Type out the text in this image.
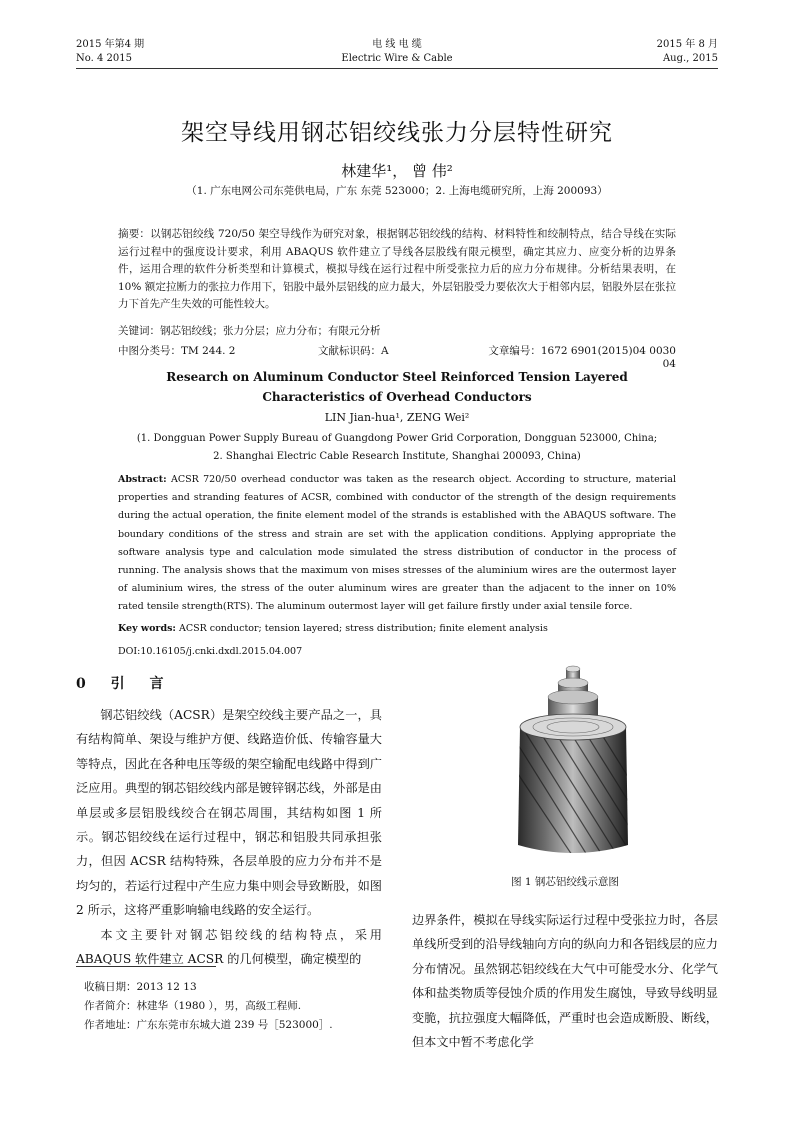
2015 年第4 期
No. 4 2015
电 线 电 缆
Electric Wire & Cable
2015 年 8 月
Aug., 2015
架空导线用钢芯铝绞线张力分层特性研究
林建华¹， 曾 伟²
（1. 广东电网公司东莞供电局，广东 东莞 523000；2. 上海电缆研究所，上海 200093）
摘要：以钢芯铝绞线 720/50 架空导线作为研究对象，根据钢芯铝绞线的结构、材料特性和绞制特点，结合导线在实际运行过程中的强度设计要求，利用 ABAQUS 软件建立了导线各层股线有限元模型，确定其应力、应变分析的边界条件，运用合理的软件分析类型和计算模式，模拟导线在运行过程中所受张拉力后的应力分布规律。分析结果表明，在 10% 额定拉断力的张拉力作用下，铝股中最外层铝线的应力最大，外层铝股受力要依次大于相邻内层，铝股外层在张拉力下首先产生失效的可能性较大。
关键词：钢芯铝绞线；张力分层；应力分布；有限元分析
中图分类号：TM 244. 2	文献标识码：A	文章编号：1672 6901(2015)04 0030 04
Research on Aluminum Conductor Steel Reinforced Tension Layered
Characteristics of Overhead Conductors
LIN Jian-hua¹, ZENG Wei²
(1. Dongguan Power Supply Bureau of Guangdong Power Grid Corporation, Dongguan 523000, China;
2. Shanghai Electric Cable Research Institute, Shanghai 200093, China)
Abstract: ACSR 720/50 overhead conductor was taken as the research object. According to structure, material properties and stranding features of ACSR, combined with conductor of the strength of the design requirements during the actual operation, the finite element model of the strands is established with the ABAQUS software. The boundary conditions of the stress and strain are set with the application conditions. Applying appropriate the software analysis type and calculation mode simulated the stress distribution of conductor in the process of running. The analysis shows that the maximum von mises stresses of the aluminium wires are the outermost layer of aluminium wires, the stress of the outer aluminum wires are greater than the adjacent to the inner on 10% rated tensile strength(RTS). The aluminum outermost layer will get failure firstly under axial tensile force.
Key words: ACSR conductor; tension layered; stress distribution; finite element analysis
DOI:10.16105/j.cnki.dxdl.2015.04.007
0 引 言
钢芯铝绞线（ACSR）是架空绞线主要产品之一，具有结构简单、架设与维护方便、线路造价低、传输容量大等特点，因此在各种电压等级的架空输配电线路中得到广泛应用。典型的钢芯铝绞线内部是镀锌钢芯线，外部是由单层或多层铝股线绞合在钢芯周围，其结构如图 1 所示。钢芯铝绞线在运行过程中，钢芯和铝股共同承担张力，但因 ACSR 结构特殊，各层单股的应力分布并不是均匀的，若运行过程中产生应力集中则会导致断股，如图 2 所示，这将严重影响输电线路的安全运行。
本文主要针对钢芯铝绞线的结构特点，采用 ABAQUS 软件建立 ACSR 的几何模型，确定模型的
收稿日期：2013 12 13
作者简介：林建华（1980 ），男，高级工程师.
作者地址：广东东莞市东城大道 239 号［523000］.
图 1 钢芯铝绞线示意图
边界条件，模拟在导线实际运行过程中受张拉力时，各层单线所受到的沿导线轴向方向的纵向力和各铝线层的应力分布情况。虽然钢芯铝绞线在大气中可能受水分、化学气体和盐类物质等侵蚀介质的作用发生腐蚀，导致导线明显变脆，抗拉强度大幅降低，严重时也会造成断股、断线，但本文中暂不考虑化学
